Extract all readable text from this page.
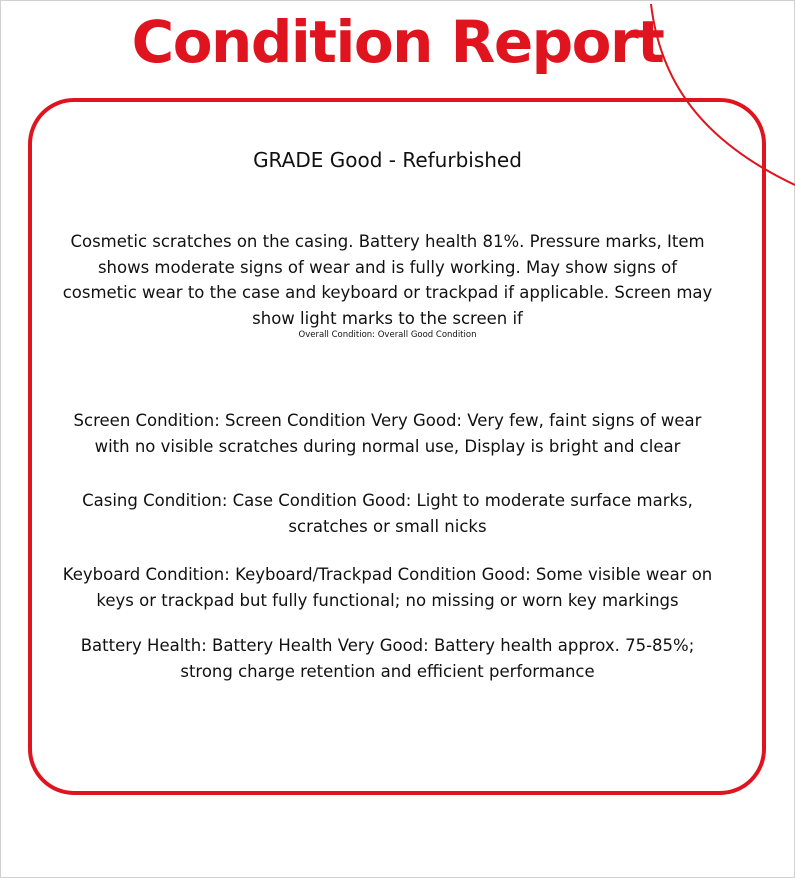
Condition Report
GRADE Good - Refurbished
Cosmetic scratches on the casing. Battery health 81%. Pressure marks, Item shows moderate signs of wear and is fully working. May show signs of cosmetic wear to the case and keyboard or trackpad if applicable. Screen may show light marks to the screen if
Overall Condition: Overall Good Condition
Screen Condition: Screen Condition Very Good: Very few, faint signs of wear with no visible scratches during normal use, Display is bright and clear
Casing Condition: Case Condition Good: Light to moderate surface marks, scratches or small nicks
Keyboard Condition: Keyboard/Trackpad Condition Good: Some visible wear on keys or trackpad but fully functional; no missing or worn key markings
Battery Health: Battery Health Very Good: Battery health approx. 75-85%; strong charge retention and efficient performance
